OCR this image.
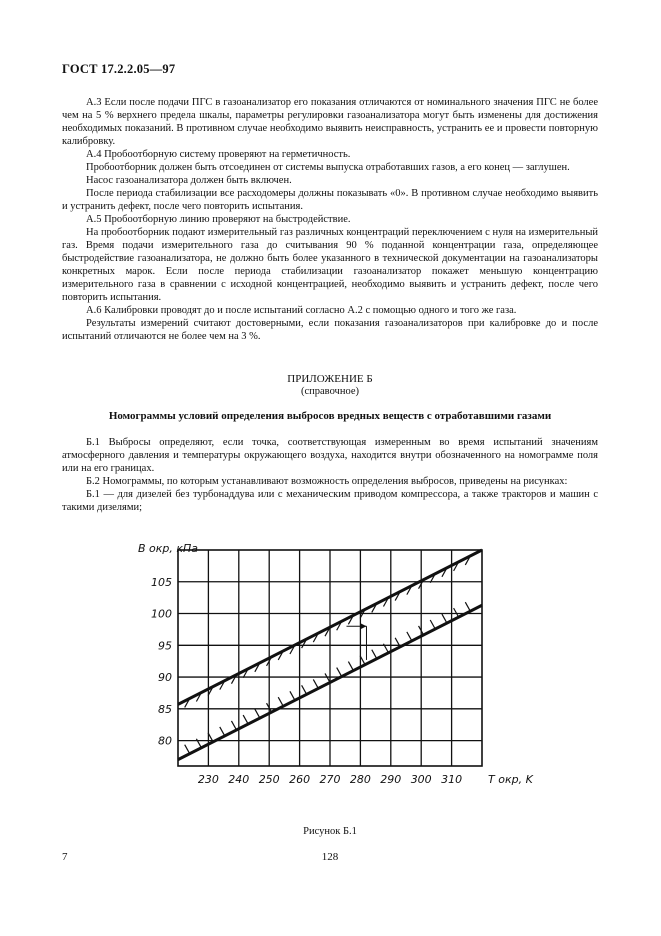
ГОСТ 17.2.2.05—97

А.3 Если после подачи ПГС в газоанализатор его показания отличаются от номинального значения ПГС не более чем на 5 % верхнего предела шкалы, параметры регулировки газоанализатора могут быть изменены для достижения необходимых показаний. В противном случае необходимо выявить неисправность, устранить ее и провести повторную калибровку.

А.4 Пробоотборную систему проверяют на герметичность.

Пробоотборник должен быть отсоединен от системы выпуска отработавших газов, а его конец — заглушен.

Насос газоанализатора должен быть включен.

После периода стабилизации все расходомеры должны показывать «0». В противном случае необходимо выявить и устранить дефект, после чего повторить испытания.

А.5 Пробоотборную линию проверяют на быстродействие.

На пробоотборник подают измерительный газ различных концентраций переключением с нуля на измерительный газ. Время подачи измерительного газа до считывания 90 % поданной концентрации газа, определяющее быстродействие газоанализатора, не должно быть более указанного в технической документации на газоанализаторы конкретных марок. Если после периода стабилизации газоанализатор покажет меньшую концентрацию измерительного газа в сравнении с исходной концентрацией, необходимо выявить и устранить дефект, после чего повторить испытания.

А.6 Калибровки проводят до и после испытаний согласно А.2 с помощью одного и того же газа.

Результаты измерений считают достоверными, если показания газоанализаторов при калибровке до и после испытаний отличаются не более чем на 3 %.

ПРИЛОЖЕНИЕ Б
(справочное)
Номограммы условий определения выбросов вредных веществ с отработавшими газами

Б.1 Выбросы определяют, если точка, соответствующая измеренным во время испытаний значениям атмосферного давления и температуры окружающего воздуха, находится внутри обозначенного на номограмме поля или на его границах.

Б.2 Номограммы, по которым устанавливают возможность определения выбросов, приведены на рисунках:

Б.1 — для дизелей без турбонаддува или с механическим приводом компрессора, а также тракторов и машин с такими дизелями;

230 240 250 260 270 280 290 300 310
80
85
90
95
100
105
B окр, кПа
T окр, K
Рисунок Б.1
7	128
